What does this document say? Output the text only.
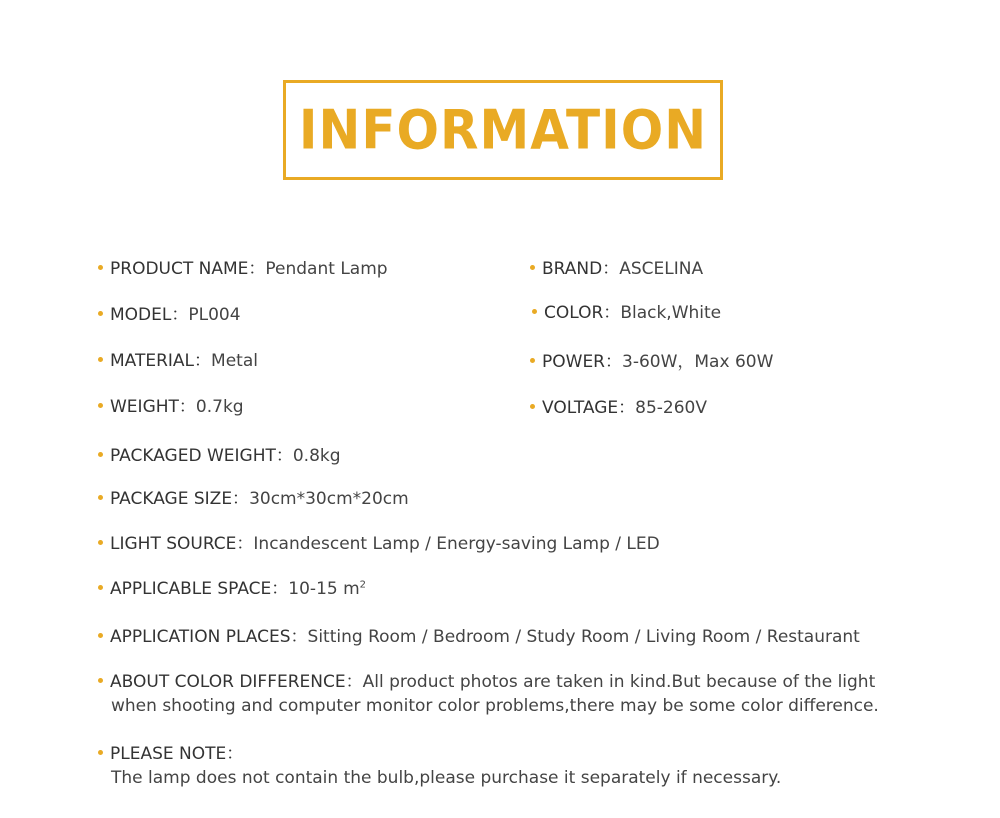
INFORMATION
PRODUCT NAME：Pendant Lamp
MODEL：PL004
MATERIAL：Metal
WEIGHT：0.7kg
BRAND：ASCELINA
COLOR：Black,White
POWER：3-60W，Max 60W
VOLTAGE：85-260V
PACKAGED WEIGHT：0.8kg
PACKAGE SIZE：30cm*30cm*20cm
LIGHT SOURCE：Incandescent Lamp / Energy-saving Lamp / LED
APPLICABLE SPACE：10-15 $m^2$
APPLICATION PLACES：Sitting Room / Bedroom / Study Room / Living Room / Restaurant
ABOUT COLOR DIFFERENCE：All product photos are taken in kind.But because of the light
when shooting and computer monitor color problems,there may be some color difference.
PLEASE NOTE：
The lamp does not contain the bulb,please purchase it separately if necessary.
